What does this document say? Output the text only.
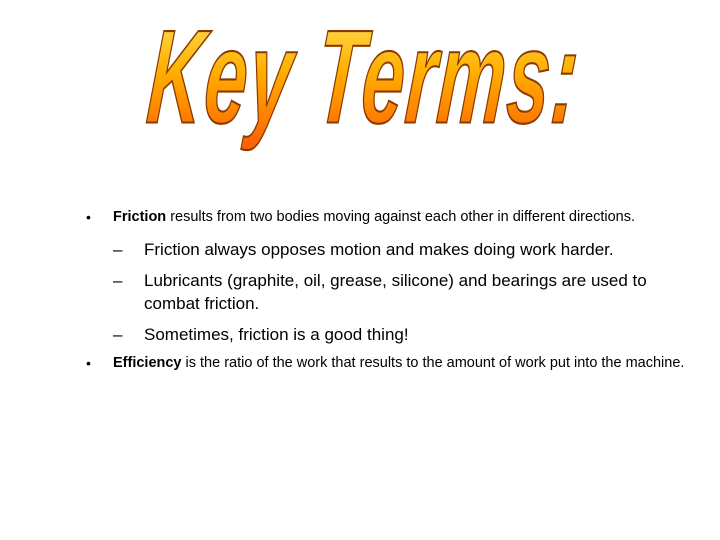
Key Terms:

• Friction results from two bodies moving against each other in different directions.

– Friction always opposes motion and makes doing work harder.

– Lubricants (graphite, oil, grease, silicone) and bearings are used to combat friction.

– Sometimes, friction is a good thing!

• Efficiency is the ratio of the work that results to the amount of work put into the machine.
